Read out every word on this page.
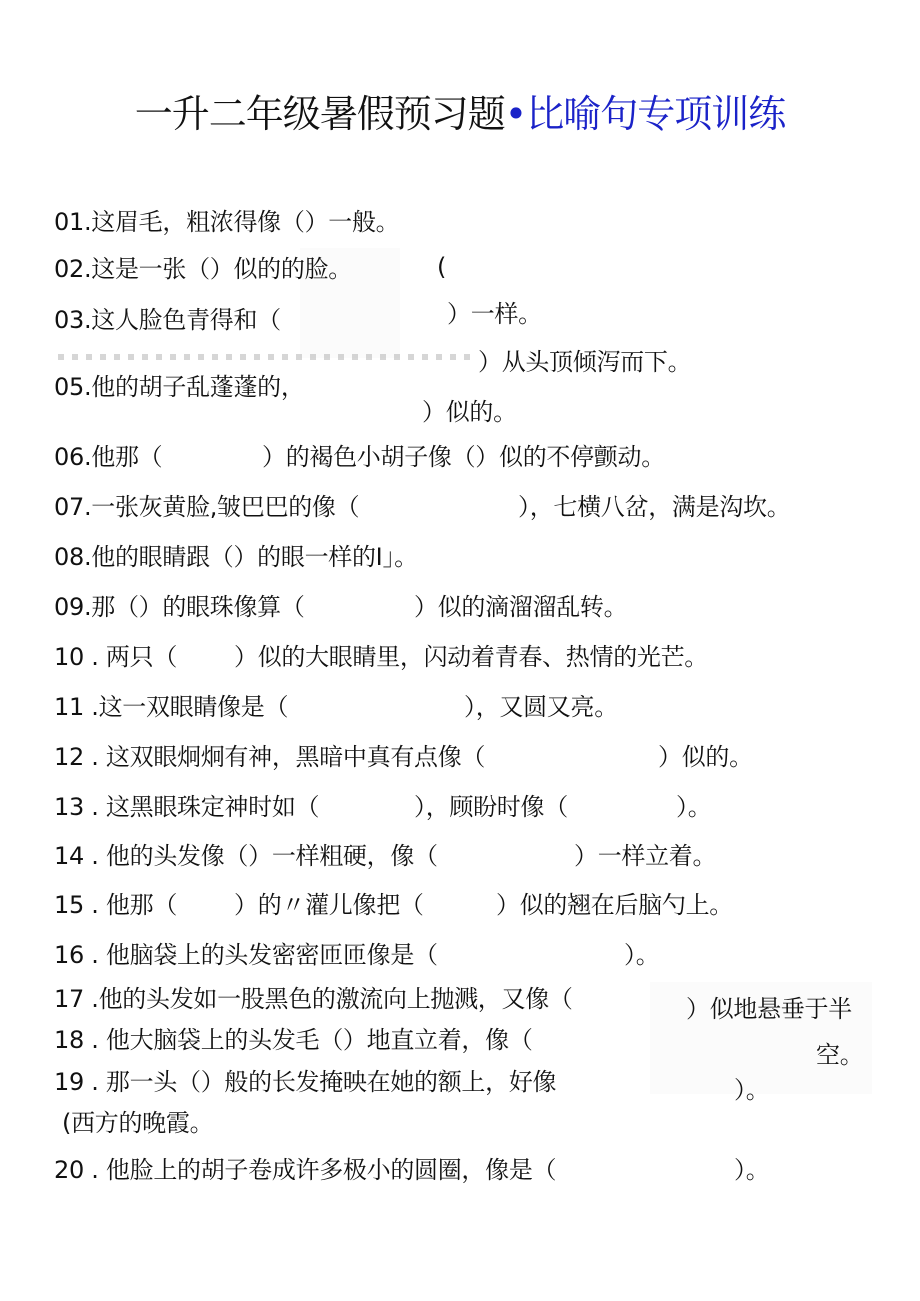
一升二年级暑假预习题•比喻句专项训练
01.这眉毛，粗浓得像（）一般。
02.这是一张（）似的的脸。	(
03.这人脸色青得和（	）一样。
）从头顶倾泻而下。
05.他的胡子乱蓬蓬的，
）似的。
06.他那（	）的褐色小胡子像（）似的不停颤动。
07.一张灰黄脸,皱巴巴的像（	），七横八岔，满是沟坎。
08.他的眼睛跟（）的眼一样的I」。
09.那（）的眼珠像算（	）似的滴溜溜乱转。
10 . 两只（ ）似的大眼睛里，闪动着青春、热情的光芒。
11 .这一双眼睛像是（	），又圆又亮。
12 . 这双眼炯炯有神，黑暗中真有点像（	）似的。
13 . 这黑眼珠定神时如（	），顾盼时像（	）。
14 . 他的头发像（）一样粗硬，像（	）一样立着。
15 . 他那（ ）的〃灌儿像把（	）似的翘在后脑勺上。
16 . 他脑袋上的头发密密匝匝像是（	）。
17 .他的头发如一股黑色的激流向上抛溅，又像（	）似地悬垂于半
18 . 他大脑袋上的头发毛（）地直立着，像（
空。
19 . 那一头（）般的长发掩映在她的额上，好像	）。
(西方的晚霞。
20 . 他脸上的胡子卷成许多极小的圆圈，像是（	）。
